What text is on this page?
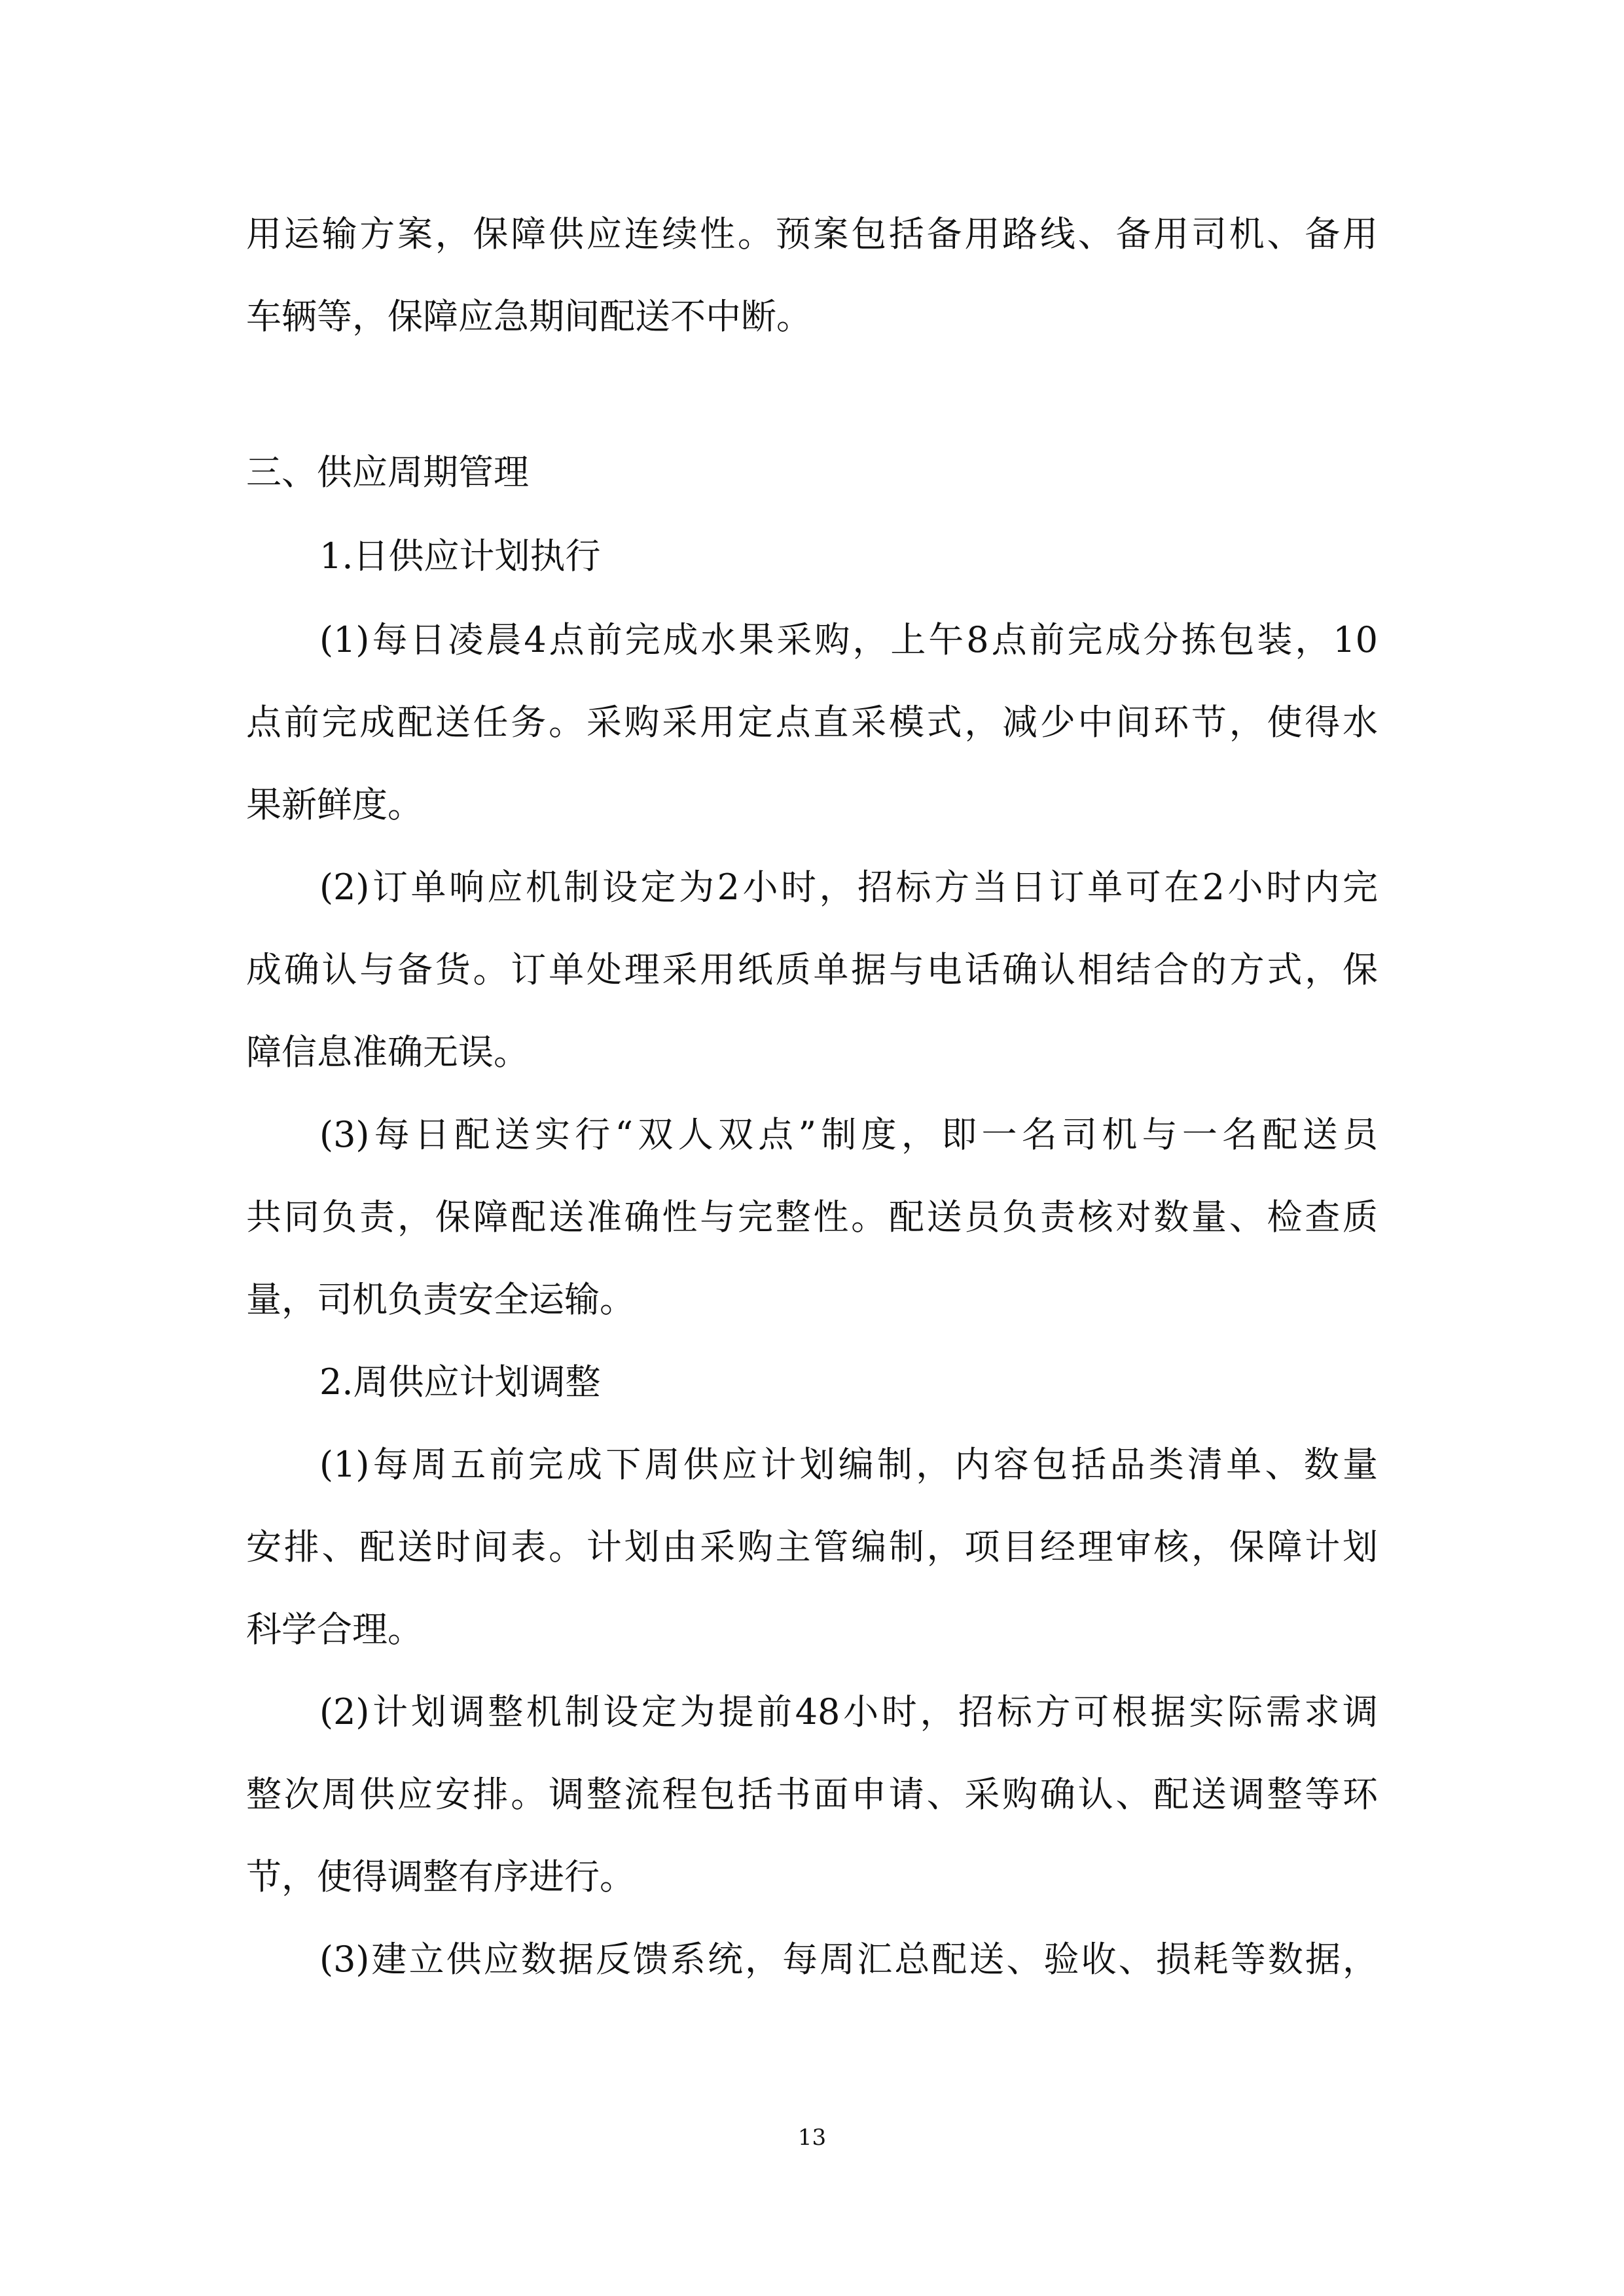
用运输方案，保障供应连续性。预案包括备用路线、备用司机、备用

车辆等，保障应急期间配送不中断。

三、供应周期管理

1.日供应计划执行

(1)每日凌晨4点前完成水果采购，上午8点前完成分拣包装，10

点前完成配送任务。采购采用定点直采模式，减少中间环节，使得水

果新鲜度。

(2)订单响应机制设定为2小时，招标方当日订单可在2小时内完

成确认与备货。订单处理采用纸质单据与电话确认相结合的方式，保

障信息准确无误。

(3)每日配送实行“双人双点”制度，即一名司机与一名配送员

共同负责，保障配送准确性与完整性。配送员负责核对数量、检查质

量，司机负责安全运输。

2.周供应计划调整

(1)每周五前完成下周供应计划编制，内容包括品类清单、数量

安排、配送时间表。计划由采购主管编制，项目经理审核，保障计划

科学合理。

(2)计划调整机制设定为提前48小时，招标方可根据实际需求调

整次周供应安排。调整流程包括书面申请、采购确认、配送调整等环

节，使得调整有序进行。

(3)建立供应数据反馈系统，每周汇总配送、验收、损耗等数据，

13
